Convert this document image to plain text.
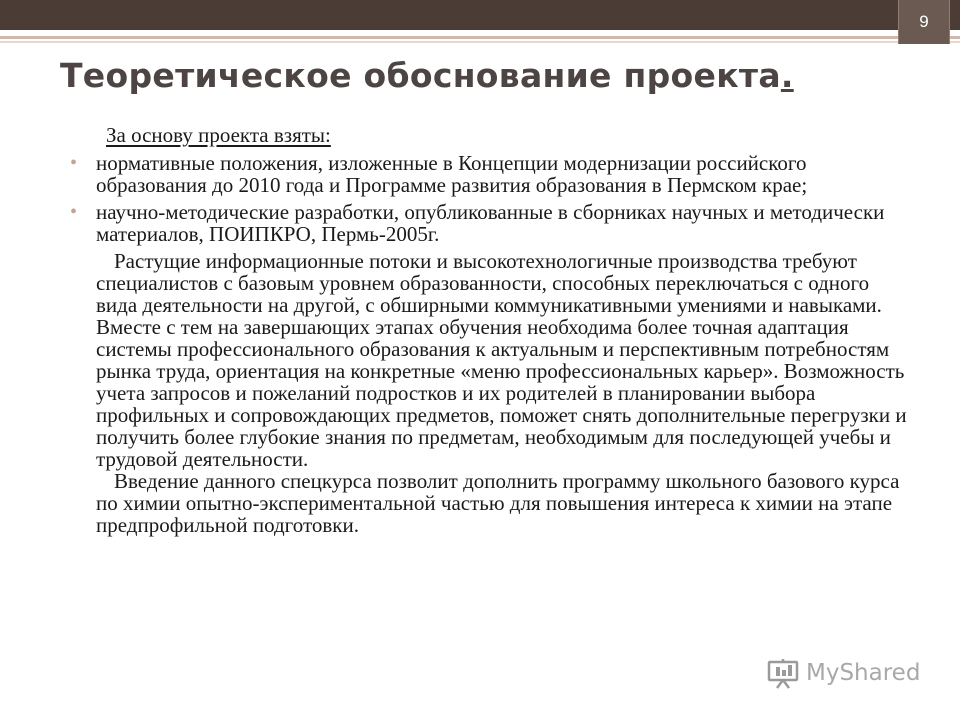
9
Теоретическое обоснование проекта.

За основу проекта взяты:

• нормативные положения, изложенные в Концепции модернизации российского образования до 2010 года и Программе развития образования в Пермском крае;

• научно-методические разработки, опубликованные в сборниках научных и методически материалов, ПОИПКРО, Пермь-2005г.

Растущие информационные потоки и высокотехнологичные производства требуют специалистов с базовым уровнем образованности, способных переключаться с одного вида деятельности на другой, с обширными коммуникативными умениями и навыками. Вместе с тем на завершающих этапах обучения необходима более точная адаптация системы профессионального образования к актуальным и перспективным потребностям рынка труда, ориентация на конкретные «меню профессиональных карьер». Возможность учета запросов и пожеланий подростков и их родителей в планировании выбора профильных и сопровождающих предметов, поможет снять дополнительные перегрузки и получить более глубокие знания по предметам, необходимым для последующей учебы и трудовой деятельности.

Введение данного спецкурса позволит дополнить программу школьного базового курса по химии опытно-экспериментальной частью для повышения интереса к химии на этапе предпрофильной подготовки.

MyShared
